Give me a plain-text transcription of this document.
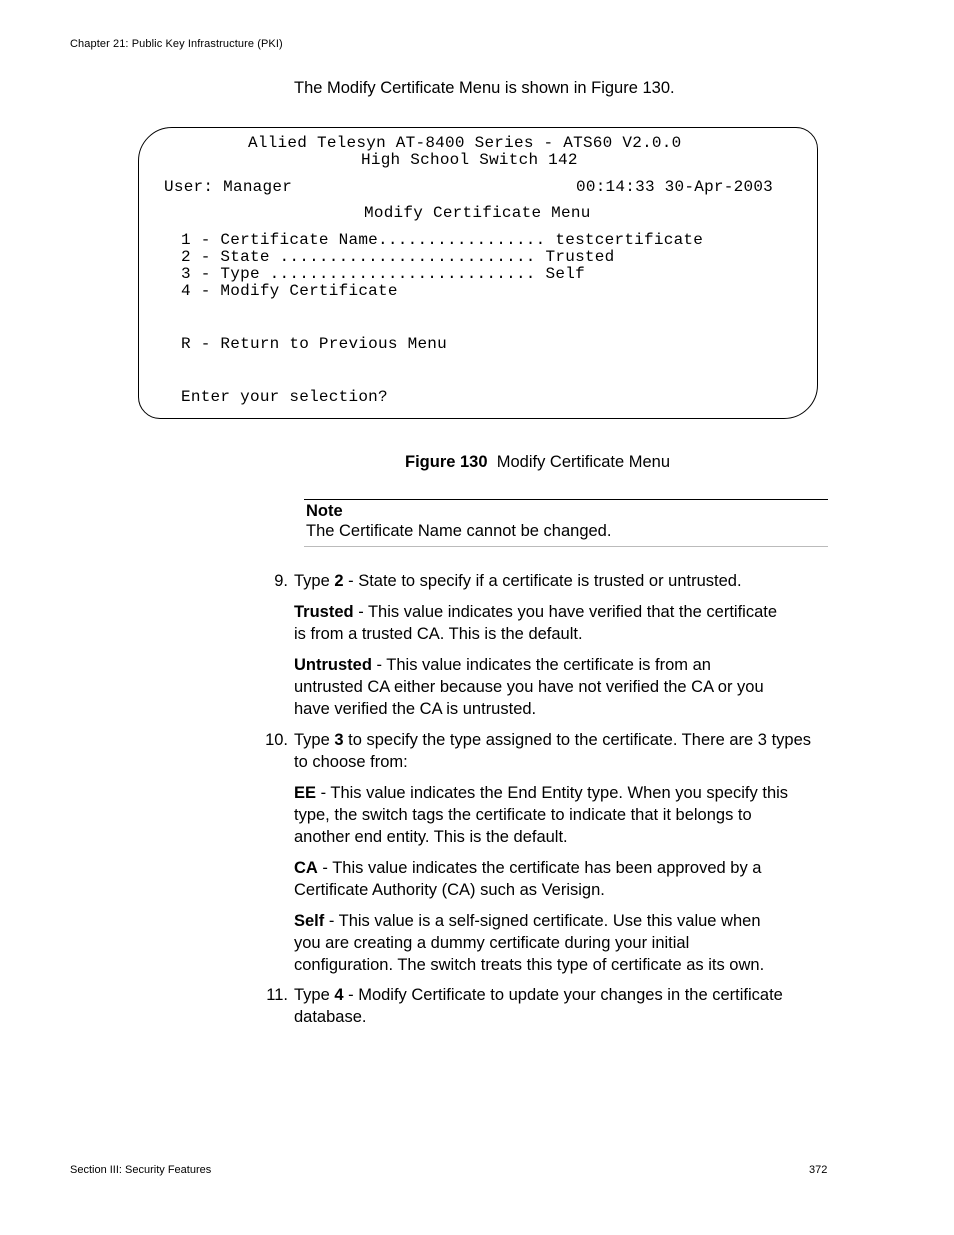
Chapter 21: Public Key Infrastructure (PKI)
The Modify Certificate Menu is shown in Figure 130.
Allied Telesyn AT-8400 Series - ATS60 V2.0.0
High School Switch 142
User: Manager	00:14:33 30-Apr-2003
Modify Certificate Menu
1 - Certificate Name................. testcertificate
2 - State .......................... Trusted
3 - Type ........................... Self
4 - Modify Certificate
R - Return to Previous Menu
Enter your selection?
Figure 130 Modify Certificate Menu
Note
The Certificate Name cannot be changed.
9. Type 2 - State to specify if a certificate is trusted or untrusted.
Trusted - This value indicates you have verified that the certificate
is from a trusted CA. This is the default.
Untrusted - This value indicates the certificate is from an
untrusted CA either because you have not verified the CA or you
have verified the CA is untrusted.
10. Type 3 to specify the type assigned to the certificate. There are 3 types
to choose from:
EE - This value indicates the End Entity type. When you specify this
type, the switch tags the certificate to indicate that it belongs to
another end entity. This is the default.
CA - This value indicates the certificate has been approved by a
Certificate Authority (CA) such as Verisign.
Self - This value is a self-signed certificate. Use this value when
you are creating a dummy certificate during your initial
configuration. The switch treats this type of certificate as its own.
11. Type 4 - Modify Certificate to update your changes in the certificate
database.
Section III: Security Features	372
